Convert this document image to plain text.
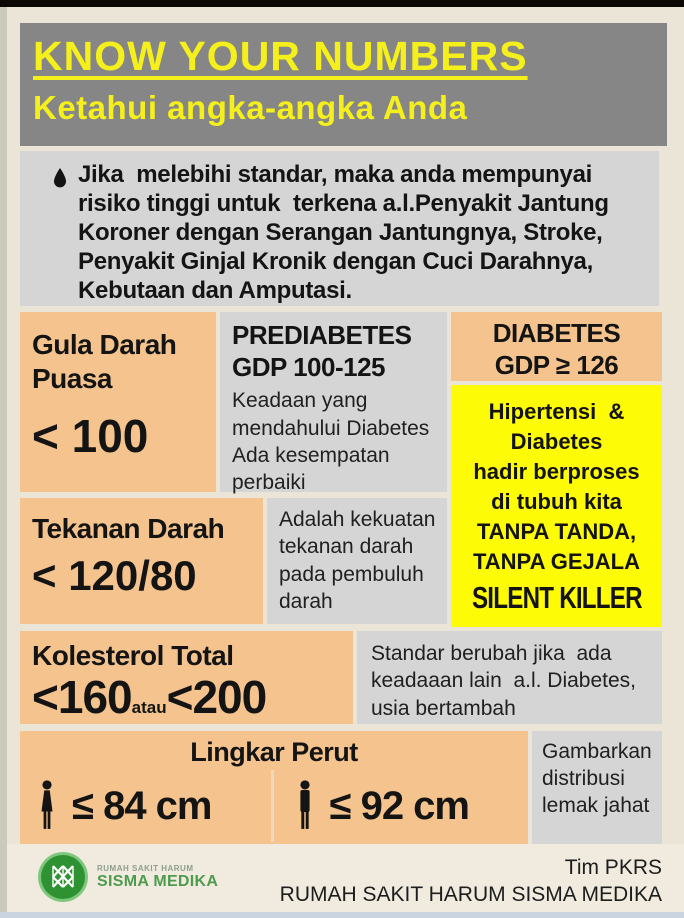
KNOW YOUR NUMBERS
Ketahui angka-angka Anda
Jika  melebihi standar, maka anda mempunyai
risiko tinggi untuk  terkena a.l.Penyakit Jantung
Koroner dengan Serangan Jantungnya, Stroke,
Penyakit Ginjal Kronik dengan Cuci Darahnya,
Kebutaan dan Amputasi.
Gula Darah Puasa
< 100
PREDIABETES
GDP 100-125
Keadaan yang mendahului Diabetes Ada kesempatan perbaiki
DIABETES
GDP ≥ 126
Hipertensi  &
Diabetes
hadir berproses
di tubuh kita
TANPA TANDA,
TANPA GEJALA
SILENT KILLER
Tekanan Darah
< 120/80
Adalah kekuatan tekanan darah pada pembuluh darah
Kolesterol Total
<160atau<200
Standar berubah jika  ada keadaaan lain  a.l. Diabetes, usia bertambah
Lingkar Perut
≤ 84 cm	≤ 92 cm
Gambarkan distribusi lemak jahat
RUMAH SAKIT HARUM
SISMA MEDIKA
Tim PKRS
RUMAH SAKIT HARUM SISMA MEDIKA
